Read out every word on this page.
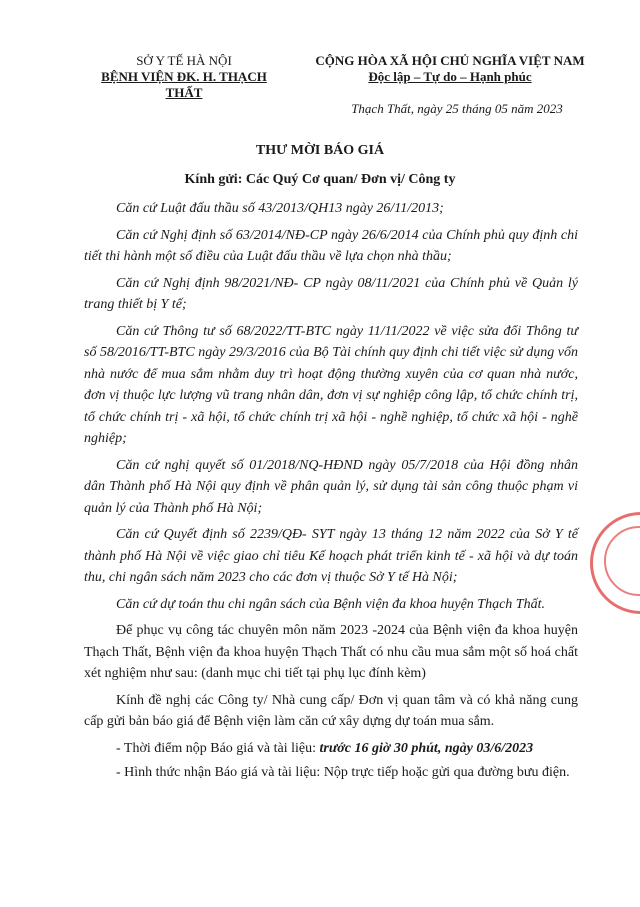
SỞ Y TẾ HÀ NỘI
BỆNH VIỆN ĐK. H. THẠCH THẤT
CỘNG HÒA XÃ HỘI CHỦ NGHĨA VIỆT NAM
Độc lập – Tự do – Hạnh phúc
Thạch Thất, ngày 25 tháng 05 năm 2023
THƯ MỜI BÁO GIÁ
Kính gửi: Các Quý Cơ quan/ Đơn vị/ Công ty

Căn cứ Luật đấu thầu số 43/2013/QH13 ngày 26/11/2013;

Căn cứ Nghị định số 63/2014/NĐ-CP ngày 26/6/2014 của Chính phủ quy định chi tiết thi hành một số điều của Luật đấu thầu về lựa chọn nhà thầu;

Căn cứ Nghị định 98/2021/NĐ- CP ngày 08/11/2021 của Chính phủ về Quản lý trang thiết bị Y tế;

Căn cứ Thông tư số 68/2022/TT-BTC ngày 11/11/2022 về việc sửa đổi Thông tư số 58/2016/TT-BTC ngày 29/3/2016 của Bộ Tài chính quy định chi tiết việc sử dụng vốn nhà nước để mua sắm nhằm duy trì hoạt động thường xuyên của cơ quan nhà nước, đơn vị thuộc lực lượng vũ trang nhân dân, đơn vị sự nghiệp công lập, tổ chức chính trị, tổ chức chính trị - xã hội, tổ chức chính trị xã hội - nghề nghiệp, tổ chức xã hội - nghề nghiệp;

Căn cứ nghị quyết số 01/2018/NQ-HĐND ngày 05/7/2018 của Hội đồng nhân dân Thành phố Hà Nội quy định về phân quản lý, sử dụng tài sản công thuộc phạm vi quản lý của Thành phố Hà Nội;

Căn cứ Quyết định số 2239/QĐ- SYT ngày 13 tháng 12 năm 2022 của Sở Y tế thành phố Hà Nội về việc giao chỉ tiêu Kế hoạch phát triển kinh tế - xã hội và dự toán thu, chi ngân sách năm 2023 cho các đơn vị thuộc Sở Y tế Hà Nội;

Căn cứ dự toán thu chi ngân sách của Bệnh viện đa khoa huyện Thạch Thất.

Để phục vụ công tác chuyên môn năm 2023 -2024 của Bệnh viện đa khoa huyện Thạch Thất, Bệnh viện đa khoa huyện Thạch Thất có nhu cầu mua sắm một số hoá chất xét nghiệm như sau: (danh mục chi tiết tại phụ lục đính kèm)

Kính đề nghị các Công ty/ Nhà cung cấp/ Đơn vị quan tâm và có khả năng cung cấp gửi bản báo giá để Bệnh viện làm căn cứ xây dựng dự toán mua sắm.

- Thời điểm nộp Báo giá và tài liệu: trước 16 giờ 30 phút, ngày 03/6/2023

- Hình thức nhận Báo giá và tài liệu: Nộp trực tiếp hoặc gửi qua đường bưu điện.
